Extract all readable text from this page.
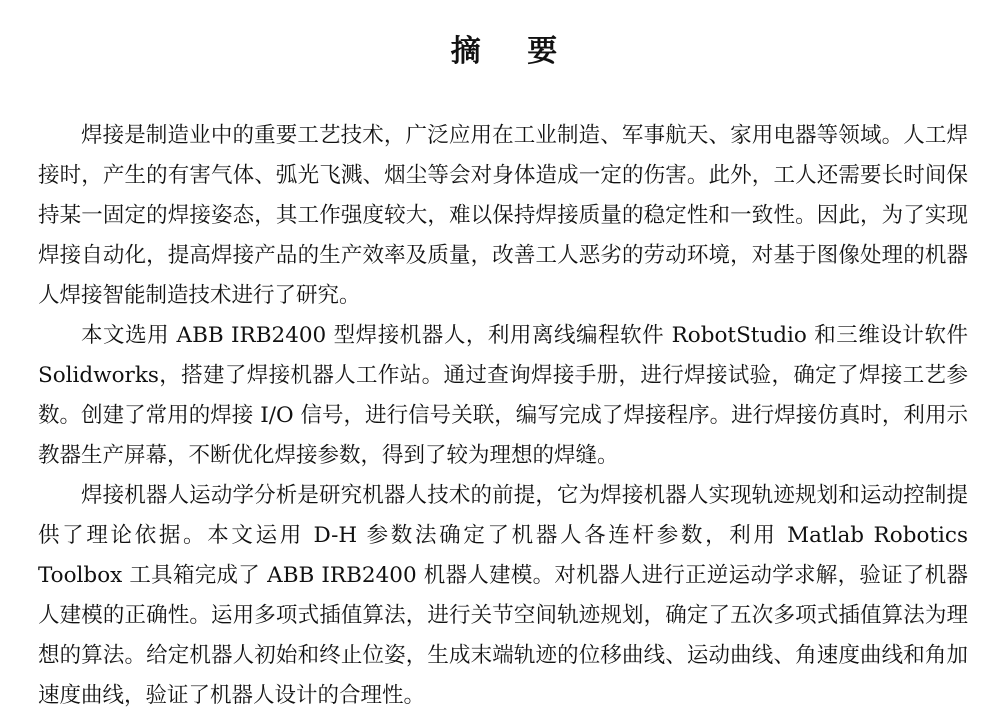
摘 要

焊接是制造业中的重要工艺技术，广泛应用在工业制造、军事航天、家用电器等领域。人工焊接时，产生的有害气体、弧光飞溅、烟尘等会对身体造成一定的伤害。此外，工人还需要长时间保持某一固定的焊接姿态，其工作强度较大，难以保持焊接质量的稳定性和一致性。因此，为了实现焊接自动化，提高焊接产品的生产效率及质量，改善工人恶劣的劳动环境，对基于图像处理的机器人焊接智能制造技术进行了研究。

本文选用 ABB IRB2400 型焊接机器人，利用离线编程软件 RobotStudio 和三维设计软件 Solidworks，搭建了焊接机器人工作站。通过查询焊接手册，进行焊接试验，确定了焊接工艺参数。创建了常用的焊接 I/O 信号，进行信号关联，编写完成了焊接程序。进行焊接仿真时，利用示教器生产屏幕，不断优化焊接参数，得到了较为理想的焊缝。

焊接机器人运动学分析是研究机器人技术的前提，它为焊接机器人实现轨迹规划和运动控制提供了理论依据。本文运用 D-H 参数法确定了机器人各连杆参数，利用 Matlab Robotics Toolbox 工具箱完成了 ABB IRB2400 机器人建模。对机器人进行正逆运动学求解，验证了机器人建模的正确性。运用多项式插值算法，进行关节空间轨迹规划，确定了五次多项式插值算法为理想的算法。给定机器人初始和终止位姿，生成末端轨迹的位移曲线、运动曲线、角速度曲线和角加速度曲线，验证了机器人设计的合理性。
